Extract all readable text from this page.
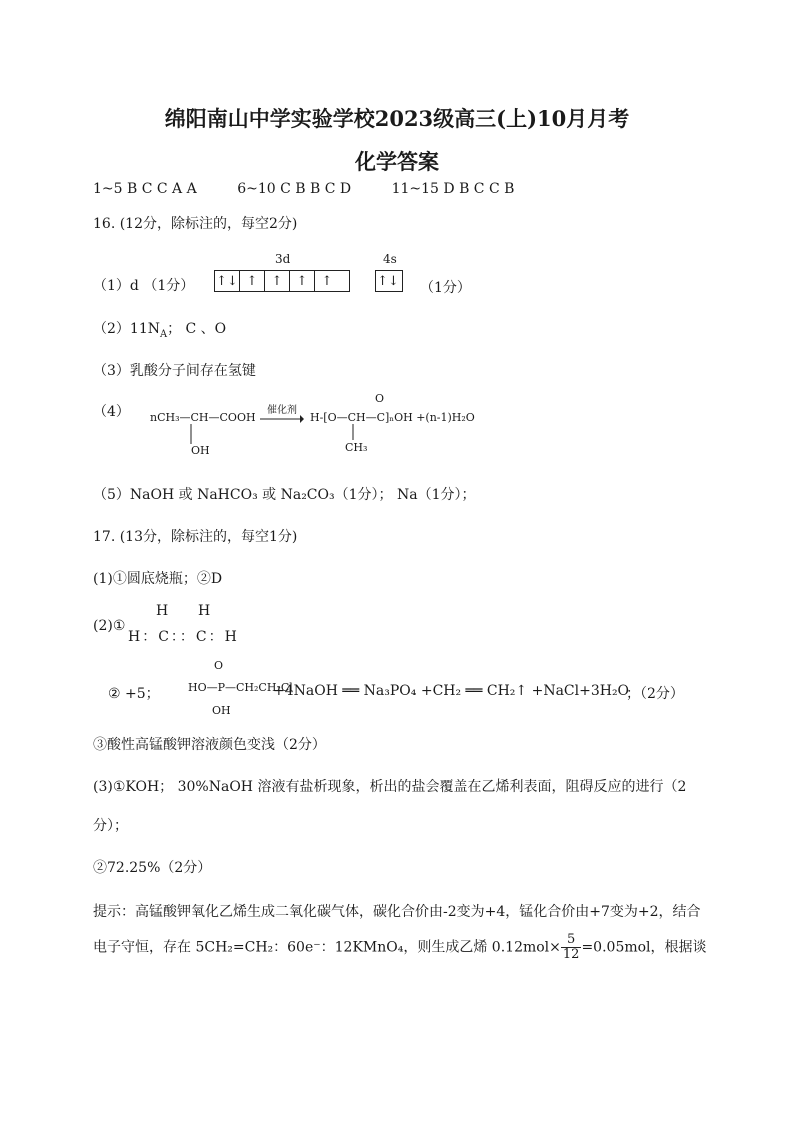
绵阳南山中学实验学校2023级高三(上)10月月考
化学答案
1~5 B C C A A	6~10 C B B C D	11~15 D B C C B
16. (12分，除标注的，每空2分)
（1）d （1分）
3d
↑↓ ↑	↑	↑	↑
4s
↑↓ （1分）
$(2)11N_A$； C 、O
（3）乳酸分子间存在氢键
（4） nCH₃—CH—COOH
OH
催化剂
→ H-[O—CH—C]ₙOH +(n-1)H₂O
O
CH₃
（5）NaOH 或 NaHCO₃ 或 Na₂CO₃（1分）； Na（1分）；
17. (13分，除标注的，每空1分)
(1)①圆底烧瓶；②D
(2)①
H H
H：C：：C：H
② +5；
O
HO—P—CH₂CH₂Cl
OH
+4NaOH ══ Na₃PO₄ +CH₂ ══ CH₂↑ +NaCl+3H₂O
；（2分）
③酸性高锰酸钾溶液颜色变浅（2分）
(3)①KOH； 30%NaOH 溶液有盐析现象，析出的盐会覆盖在乙烯利表面，阻碍反应的进行（2
分）；
②72.25%（2分）
提示：高锰酸钾氧化乙烯生成二氧化碳气体，碳化合价由-2变为+4，锰化合价由+7变为+2，结合
电子守恒，存在 5CH₂=CH₂：60e⁻：12KMnO₄，则生成乙烯 $0.12mol\times \frac{5}{12} =0.05mol$，根据谈
